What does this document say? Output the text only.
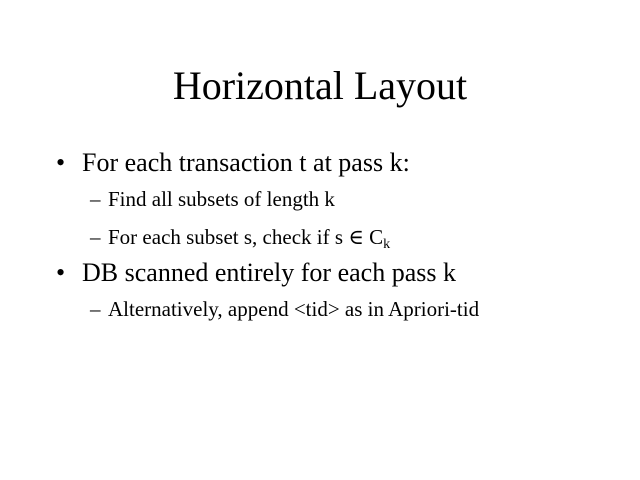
Horizontal Layout
• For each transaction t at pass k:
– Find all subsets of length k
– For each subset s, check if s ∈ $C_k$
• DB scanned entirely for each pass k
– Alternatively, append <tid> as in Apriori-tid
